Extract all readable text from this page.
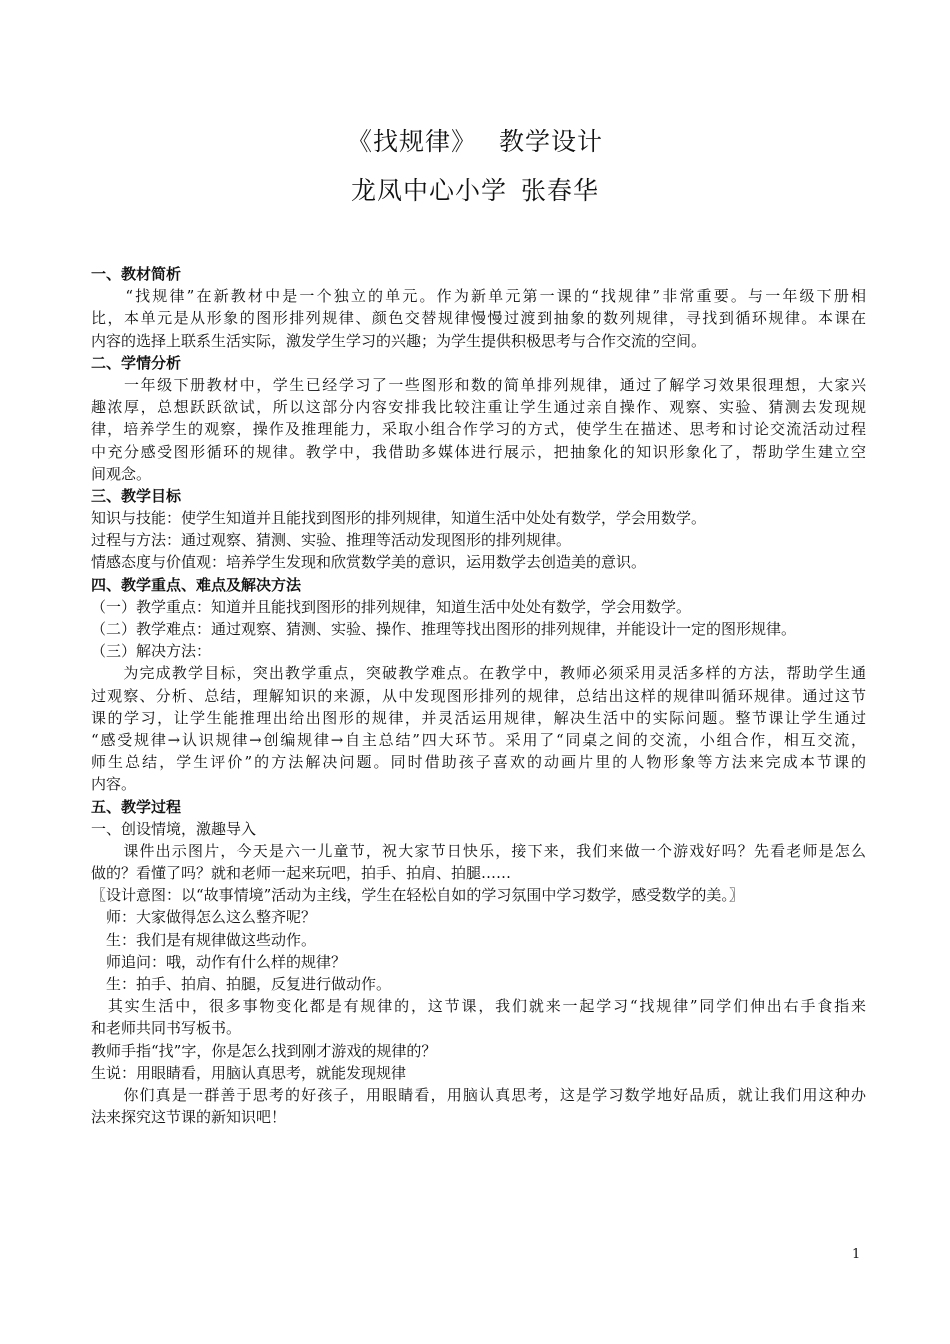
《找规律》 教学设计
龙凤中心小学 张春华
一、教材简析
　　“找规律”在新教材中是一个独立的单元。作为新单元第一课的“找规律”非常重要。与一年级下册相
比，本单元是从形象的图形排列规律、颜色交替规律慢慢过渡到抽象的数列规律，寻找到循环规律。本课在
内容的选择上联系生活实际，激发学生学习的兴趣；为学生提供积极思考与合作交流的空间。
二、学情分析
　　一年级下册教材中，学生已经学习了一些图形和数的简单排列规律，通过了解学习效果很理想，大家兴
趣浓厚，总想跃跃欲试，所以这部分内容安排我比较注重让学生通过亲自操作、观察、实验、猜测去发现规
律，培养学生的观察，操作及推理能力，采取小组合作学习的方式，使学生在描述、思考和讨论交流活动过程
中充分感受图形循环的规律。教学中，我借助多媒体进行展示，把抽象化的知识形象化了，帮助学生建立空
间观念。
三、教学目标
知识与技能：使学生知道并且能找到图形的排列规律，知道生活中处处有数学，学会用数学。
过程与方法：通过观察、猜测、实验、推理等活动发现图形的排列规律。
情感态度与价值观：培养学生发现和欣赏数学美的意识，运用数学去创造美的意识。
四、教学重点、难点及解决方法
（一）教学重点：知道并且能找到图形的排列规律，知道生活中处处有数学，学会用数学。
（二）教学难点：通过观察、猜测、实验、操作、推理等找出图形的排列规律，并能设计一定的图形规律。
（三）解决方法：
　　为完成教学目标，突出教学重点，突破教学难点。在教学中，教师必须采用灵活多样的方法，帮助学生通
过观察、分析、总结，理解知识的来源，从中发现图形排列的规律，总结出这样的规律叫循环规律。通过这节
课的学习，让学生能推理出给出图形的规律，并灵活运用规律，解决生活中的实际问题。整节课让学生通过
“感受规律→认识规律→创编规律→自主总结”四大环节。采用了“同桌之间的交流，小组合作，相互交流，
师生总结，学生评价”的方法解决问题。同时借助孩子喜欢的动画片里的人物形象等方法来完成本节课的
内容。
五、教学过程
一、创设情境，激趣导入
　　课件出示图片，今天是六一儿童节，祝大家节日快乐，接下来，我们来做一个游戏好吗？先看老师是怎么
做的？看懂了吗？就和老师一起来玩吧，拍手、拍肩、拍腿……
〖设计意图：以“故事情境”活动为主线，学生在轻松自如的学习氛围中学习数学，感受数学的美。〗
　师：大家做得怎么这么整齐呢？
　生：我们是有规律做这些动作。
　师追问：哦，动作有什么样的规律？
　生：拍手、拍肩、拍腿，反复进行做动作。
　其实生活中，很多事物变化都是有规律的，这节课，我们就来一起学习“找规律”同学们伸出右手食指来
和老师共同书写板书。
教师手指“找”字，你是怎么找到刚才游戏的规律的？
生说：用眼睛看，用脑认真思考，就能发现规律
　　你们真是一群善于思考的好孩子，用眼睛看，用脑认真思考，这是学习数学地好品质，就让我们用这种办
法来探究这节课的新知识吧！
1
